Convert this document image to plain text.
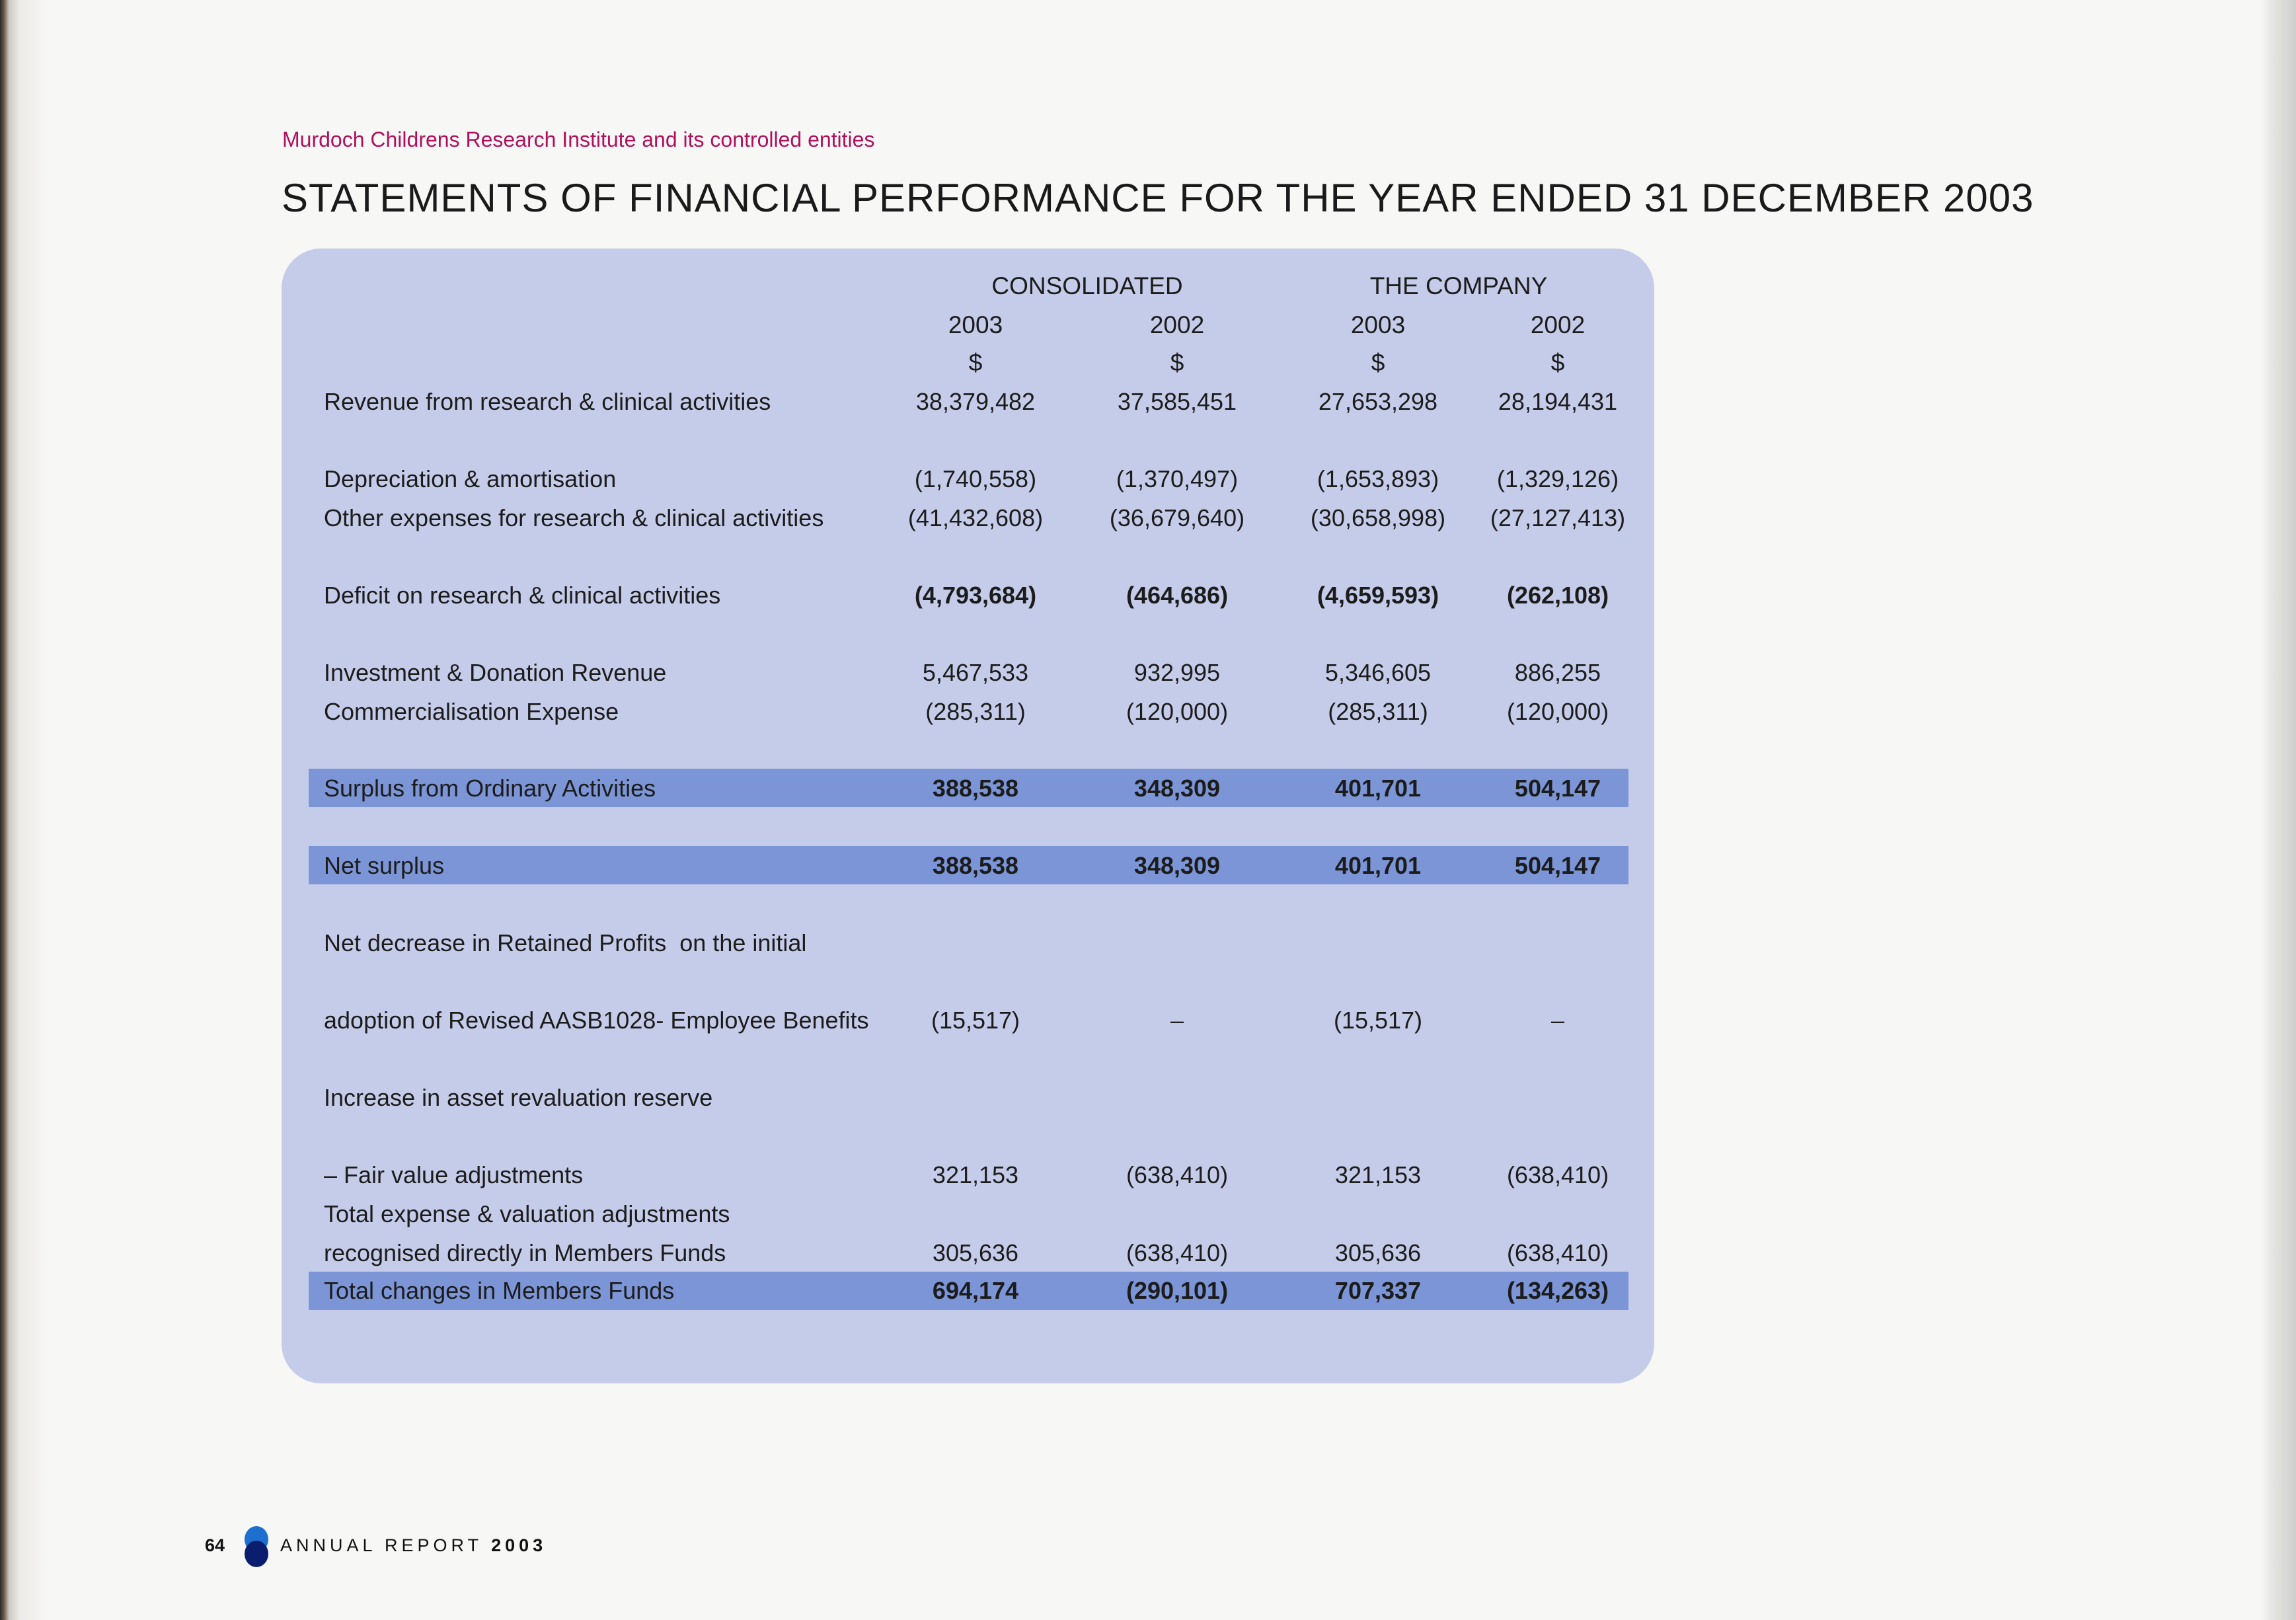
Murdoch Childrens Research Institute and its controlled entities
STATEMENTS OF FINANCIAL PERFORMANCE FOR THE YEAR ENDED 31 DECEMBER 2003
CONSOLIDATED	THE COMPANY
2003	2002	2003	2002
$	$	$	$
Revenue from research & clinical activities	38,379,482	37,585,451	27,653,298	28,194,431
Depreciation & amortisation	(1,740,558)	(1,370,497)	(1,653,893) (1,329,126)
Other expenses for research & clinical activities	(41,432,608)	(36,679,640)	(30,658,998) (27,127,413)
Deficit on research & clinical activities	(4,793,684)	(464,686)	(4,659,593)	(262,108)
Investment & Donation Revenue	5,467,533	932,995	5,346,605	886,255
Commercialisation Expense	(285,311)	(120,000)	(285,311)	(120,000)
Surplus from Ordinary Activities	388,538	348,309	401,701	504,147
Net surplus	388,538	348,309	401,701	504,147
Net decrease in Retained Profits  on the initial
adoption of Revised AASB1028- Employee Benefits	(15,517)	–	(15,517)	–
Increase in asset revaluation reserve
– Fair value adjustments	321,153	(638,410)	321,153	(638,410)
Total expense & valuation adjustments
recognised directly in Members Funds	305,636	(638,410)	305,636	(638,410)
Total changes in Members Funds	694,174	(290,101)	707,337	(134,263)
64	ANNUAL REPORT 2003
